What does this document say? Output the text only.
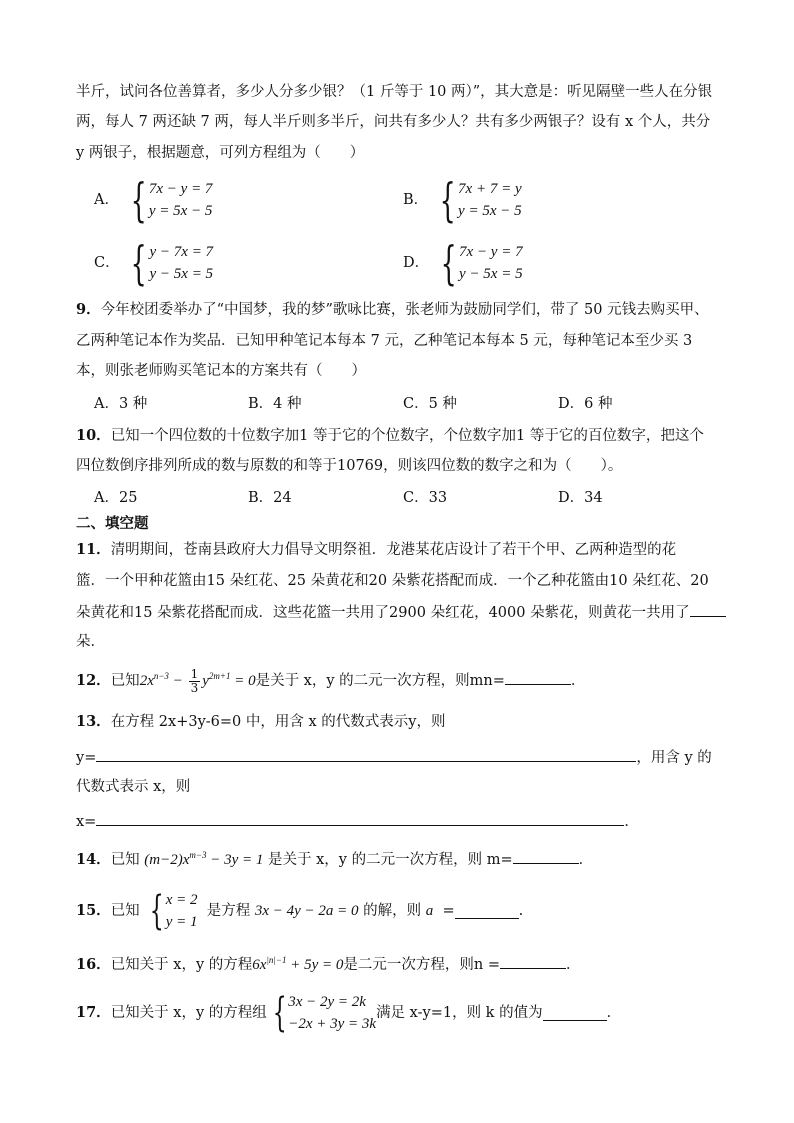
半斤，试问各位善算者，多少人分多少银？（1 斤等于 10 两）”，其大意是：听见隔壁一些人在分银
两，每人 7 两还缺 7 两，每人半斤则多半斤，问共有多少人？共有多少两银子？设有 x 个人，共分
y 两银子，根据题意，可列方程组为（　　）
A． { 7x − y = 7
y = 5x − 5
B． { 7x + 7 = y
y = 5x − 5
C． { y − 7x = 7
y − 5x = 5
D． { 7x − y = 7
y − 5x = 5
9．今年校团委举办了“中国梦，我的梦”歌咏比赛，张老师为鼓励同学们，带了 50 元钱去购买甲、
乙两种笔记本作为奖品．已知甲种笔记本每本 7 元，乙种笔记本每本 5 元，每种笔记本至少买 3
本，则张老师购买笔记本的方案共有（　　）
A．3 种	B．4 种	C．5 种	D．6 种
10．已知一个四位数的十位数字加1 等于它的个位数字，个位数字加1 等于它的百位数字，把这个
四位数倒序排列所成的数与原数的和等于10769，则该四位数的数字之和为（　　）。
A．25	B．24	C．33	D．34
二、填空题
11．清明期间，苍南县政府大力倡导文明祭祖．龙港某花店设计了若干个甲、乙两种造型的花
篮．一个甲种花篮由15 朵红花、25 朵黄花和20 朵紫花搭配而成．一个乙种花篮由10 朵红花、20
朵黄花和15 朵紫花搭配而成．这些花篮一共用了2900 朵红花，4000 朵紫花，则黄花一共用了
朵．
12．已知$2x^{n-3} - \frac{1}{3} y^{2m+1} = 0$是关于 x，y 的二元一次方程，则mn=	．
13．在方程 2x+3y-6=0 中，用含 x 的代数式表示y，则
y=	，用含 y 的
代数式表示 x，则
x=	．
14．已知 $(m-2)x^{m-3} - 3y = 1$ 是关于 x，y 的二元一次方程，则 m=	．
15． 已知
{ x = 2
y = 1

是方程
3x − 4y − 2a = 0
的解，则
a
=	.
16．已知关于 x，y 的方程$6x^{|n|-1} + 5y = 0$是二元一次方程，则n =	．
17． 已知关于 x，y 的方程组 { 3x − 2y = 2k
−2x + 3y = 3k
满足 x-y=1，则 k 的值为	．
